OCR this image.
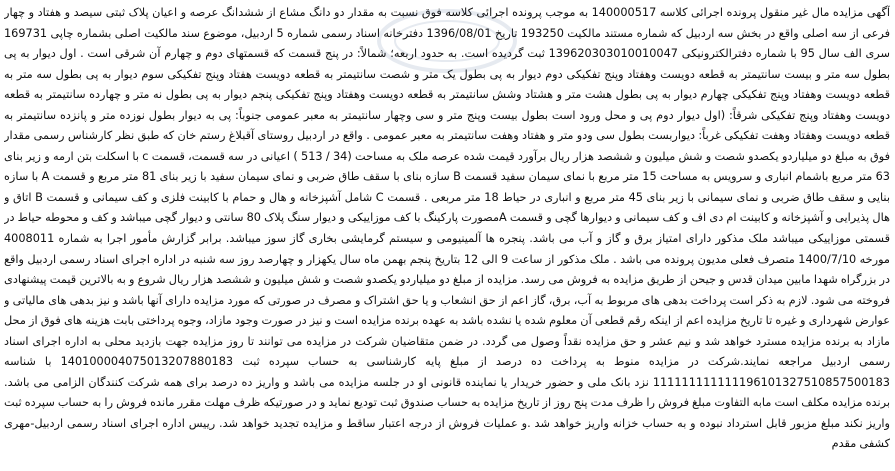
آگهی مزایده مال غیر منقول پرونده اجرائی کلاسه 140000517 به موجب پرونده اجرائی کلاسه فوق نسبت به مقدار دو دانگ مشاع از ششدانگ عرصه و اعیان پلاک ثبتی سیصد و هفتاد و چهار فرعی از سه اصلی واقع در بخش سه اردبیل که شماره مستند مالکیت 193250 تاریخ 1396/08/01 دفترخانه اسناد رسمی شماره 5 اردبیل، موضوع سند مالکیت اصلی بشماره چاپی 169731 سری الف سال 95 با شماره دفترالکترونیکی 139620303010010047 ثبت گردیده است. به حدود اربعه؛ شمالاً: در پنج قسمت که قسمتهای دوم و چهارم آن شرقی است . اول دیوار به پی بطول سه متر و بیست سانتیمتر به قطعه دویست وهفتاد وپنج تفکیکی دوم دیوار به پی بطول یک متر و شصت سانتیمتر به قطعه دویست هفتاد وپنج تفکیکی سوم دیوار به پی بطول سه متر به قطعه دویست وهفتاد وپنج تفکیکی چهارم دیوار به پی بطول هشت متر و هشتاد وشش سانتیمتر به قطعه دویست وهفتاد وپنج تفکیکی پنجم دیوار به پی بطول نه متر و چهارده سانتیمتر به قطعه دویست وهفتاد وپنج تفکیکی شرقاً: (اول دیوار دوم پی و محل ورود است بطول بیست وپنج متر و سی وچهار سانتیمتر به معبر عمومی جنوباً: پی به دیوار بطول نوزده متر و پانزده سانتیمتر به قطعه دویست وهفتاد وهفت تفکیکی غرباً: دیواربست بطول سی ودو متر و هفتاد وهفت سانتیمتر به معبر عمومی . واقع در اردبیل روستای آقبلاغ رستم خان که طبق نظر کارشناس رسمی مقدار فوق به مبلغ دو میلیاردو یکصدو شصت و شش میلیون و ششصد هزار ریال برآورد قیمت شده عرصه ملک به مساحت (34 / 513 ) اعیانی در سه قسمت، قسمت c با اسکلت بتن ارمه و زیر بنای 63 متر مربع باشمام انباری و سرویس به مساحت 15 متر مربع با نمای سیمان سفید قسمت B سازه بنای با سقف طاق ضربی و نمای سیمان سفید با زیر بنای 81 متر مربع و قسمت A با سازه بنایی و سقف طاق ضربی و نمای سیمانی با زیر بنای 45 متر مربع و انباری در حیاط 18 متر مربعی . قسمت C شامل آشپزخانه و هال و حمام با کابینت فلزی و کف سیمانی و قسمت B اتاق و هال پذیرایی و آشپزخانه و کابینت ام دی اف و کف سیمانی و دیوارها گچی و قسمت Aمصورت پارکینگ با کف موزاییکی و دیوار سنگ پلاک 80 سانتی و دیوار گچی میباشد و کف و محوطه حیاط در قسمتی موزاییکی میباشد ملک مذکور دارای امتیاز برق و گاز و آب می باشد. پنجره ها آلمینیومی و سیستم گرمایشی بخاری گاز سوز میباشد. برابر گزارش مأمور اجرا به شماره 4008011 مورخه 1400/7/10 متصرف فعلی مدیون پرونده می باشد . ملک مذکور از ساعت 9 الی 12 بتاریخ پنجم بهمن ماه سال یکهزار و چهارصد روز سه شنبه در اداره اجرای اسناد رسمی اردبیل واقع در بزرگراه شهدا مابین میدان قدس و جیحن از طریق مزایده به فروش می رسد. مزایده از مبلغ دو میلیاردو یکصدو شصت و شش میلیون و ششصد هزار ریال شروع و به بالاترین قیمت پیشنهادی فروخته می شود. لازم به ذکر است پرداخت بدهی های مربوط به آب، برق، گاز اعم از حق انشعاب و یا حق اشتراک و مصرف در صورتی که مورد مزایده دارای آنها باشد و نیز بدهی های مالیاتی و عوارض شهرداری و غیره تا تاریخ مزایده اعم از اینکه رقم قطعی آن معلوم شده یا نشده باشد به عهده برنده مزایده است و نیز در صورت وجود مازاد، وجوه پرداختی بابت هزینه های فوق از محل مازاد به برنده مزایده مسترد خواهد شد و نیم عشر و حق مزایده نقداً وصول می گردد. در ضمن متقاضیان شرکت در مزایده می توانند تا روز مزایده جهت بازدید محلی به اداره اجرای اسناد رسمی اردبیل مراجعه نمایند.شرکت در مزایده منوط به پرداخت ده درصد از مبلغ پایه کارشناسی به حساب سپرده ثبت 140100004075013207880183 با شناسه 111111111111196101327510857500183 نزد بانک ملی و حضور خریدار یا نماینده قانونی او در جلسه مزایده می باشد و واریز ده درصد برای همه شرکت کنندگان الزامی می باشد. برنده مزایده مکلف است مابه التفاوت مبلغ فروش را ظرف مدت پنج روز از تاریخ مزایده به حساب صندوق ثبت تودیع نماید و در صورتیکه ظرف مهلت مقرر مانده فروش را به حساب سپرده ثبت واریز نکند مبلغ مزبور قابل استرداد نبوده و به حساب خزانه واریز خواهد شد .و عملیات فروش از درجه اعتبار ساقط و مزایده تجدید خواهد شد. رییس اداره اجرای اسناد رسمی اردبیل-مهری کشفی مقدم
